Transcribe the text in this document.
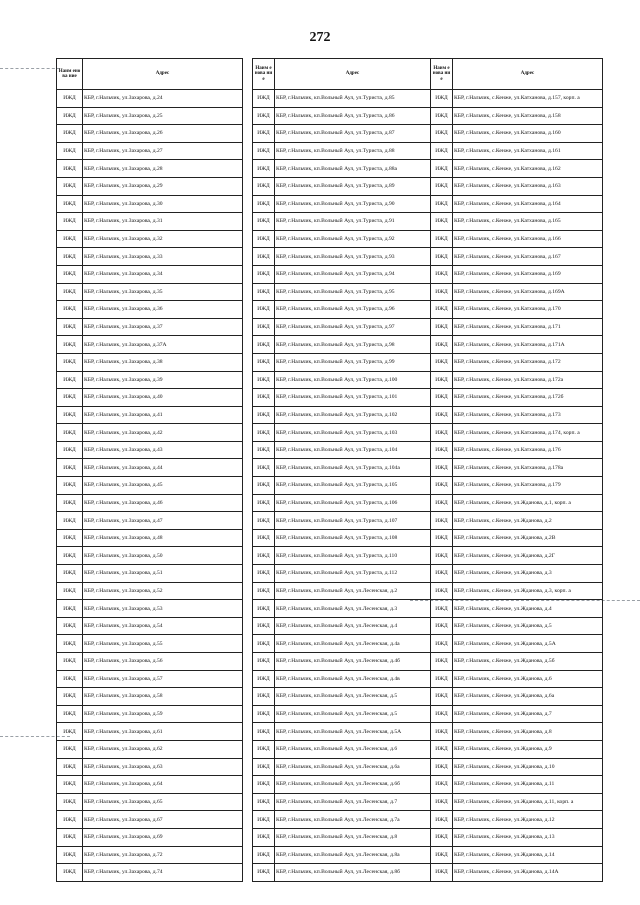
272
Наим енова ние	Адрес
ИЖД	КБР, г.Нальчик, ул.Захарова, д.24
ИЖД	КБР, г.Нальчик, ул.Захарова, д.25
ИЖД	КБР, г.Нальчик, ул.Захарова, д.26
ИЖД	КБР, г.Нальчик, ул.Захарова, д.27
ИЖД	КБР, г.Нальчик, ул.Захарова, д.28
ИЖД	КБР, г.Нальчик, ул.Захарова, д.29
ИЖД	КБР, г.Нальчик, ул.Захарова, д.30
ИЖД	КБР, г.Нальчик, ул.Захарова, д.31
ИЖД	КБР, г.Нальчик, ул.Захарова, д.32
ИЖД	КБР, г.Нальчик, ул.Захарова, д.33
ИЖД	КБР, г.Нальчик, ул.Захарова, д.34
ИЖД	КБР, г.Нальчик, ул.Захарова, д.35
ИЖД	КБР, г.Нальчик, ул.Захарова, д.36
ИЖД	КБР, г.Нальчик, ул.Захарова, д.37
ИЖД	КБР, г.Нальчик, ул.Захарова, д.37А
ИЖД	КБР, г.Нальчик, ул.Захарова, д.38
ИЖД	КБР, г.Нальчик, ул.Захарова, д.39
ИЖД	КБР, г.Нальчик, ул.Захарова, д.40
ИЖД	КБР, г.Нальчик, ул.Захарова, д.41
ИЖД	КБР, г.Нальчик, ул.Захарова, д.42
ИЖД	КБР, г.Нальчик, ул.Захарова, д.43
ИЖД	КБР, г.Нальчик, ул.Захарова, д.44
ИЖД	КБР, г.Нальчик, ул.Захарова, д.45
ИЖД	КБР, г.Нальчик, ул.Захарова, д.46
ИЖД	КБР, г.Нальчик, ул.Захарова, д.47
ИЖД	КБР, г.Нальчик, ул.Захарова, д.48
ИЖД	КБР, г.Нальчик, ул.Захарова, д.50
ИЖД	КБР, г.Нальчик, ул.Захарова, д.51
ИЖД	КБР, г.Нальчик, ул.Захарова, д.52
ИЖД	КБР, г.Нальчик, ул.Захарова, д.53
ИЖД	КБР, г.Нальчик, ул.Захарова, д.54
ИЖД	КБР, г.Нальчик, ул.Захарова, д.55
ИЖД	КБР, г.Нальчик, ул.Захарова, д.56
ИЖД	КБР, г.Нальчик, ул.Захарова, д.57
ИЖД	КБР, г.Нальчик, ул.Захарова, д.58
ИЖД	КБР, г.Нальчик, ул.Захарова, д.59
ИЖД	КБР, г.Нальчик, ул.Захарова, д.61
ИЖД	КБР, г.Нальчик, ул.Захарова, д.62
ИЖД	КБР, г.Нальчик, ул.Захарова, д.63
ИЖД	КБР, г.Нальчик, ул.Захарова, д.64
ИЖД	КБР, г.Нальчик, ул.Захарова, д.65
ИЖД	КБР, г.Нальчик, ул.Захарова, д.67
ИЖД	КБР, г.Нальчик, ул.Захарова, д.69
ИЖД	КБР, г.Нальчик, ул.Захарова, д.72
ИЖД	КБР, г.Нальчик, ул.Захарова, д.74
Наим енова ние	Адрес
ИЖД	КБР, г.Нальчик, кп.Вольный Аул, ул.Туриста, д.85
ИЖД	КБР, г.Нальчик, кп.Вольный Аул, ул.Туриста, д.86
ИЖД	КБР, г.Нальчик, кп.Вольный Аул, ул.Туриста, д.87
ИЖД	КБР, г.Нальчик, кп.Вольный Аул, ул.Туриста, д.88
ИЖД	КБР, г.Нальчик, кп.Вольный Аул, ул.Туриста, д.88а
ИЖД	КБР, г.Нальчик, кп.Вольный Аул, ул.Туриста, д.89
ИЖД	КБР, г.Нальчик, кп.Вольный Аул, ул.Туриста, д.90
ИЖД	КБР, г.Нальчик, кп.Вольный Аул, ул.Туриста, д.91
ИЖД	КБР, г.Нальчик, кп.Вольный Аул, ул.Туриста, д.92
ИЖД	КБР, г.Нальчик, кп.Вольный Аул, ул.Туриста, д.93
ИЖД	КБР, г.Нальчик, кп.Вольный Аул, ул.Туриста, д.94
ИЖД	КБР, г.Нальчик, кп.Вольный Аул, ул.Туриста, д.95
ИЖД	КБР, г.Нальчик, кп.Вольный Аул, ул.Туриста, д.96
ИЖД	КБР, г.Нальчик, кп.Вольный Аул, ул.Туриста, д.97
ИЖД	КБР, г.Нальчик, кп.Вольный Аул, ул.Туриста, д.98
ИЖД	КБР, г.Нальчик, кп.Вольный Аул, ул.Туриста, д.99
ИЖД	КБР, г.Нальчик, кп.Вольный Аул, ул.Туриста, д.100
ИЖД	КБР, г.Нальчик, кп.Вольный Аул, ул.Туриста, д.101
ИЖД	КБР, г.Нальчик, кп.Вольный Аул, ул.Туриста, д.102
ИЖД	КБР, г.Нальчик, кп.Вольный Аул, ул.Туриста, д.103
ИЖД	КБР, г.Нальчик, кп.Вольный Аул, ул.Туриста, д.104
ИЖД	КБР, г.Нальчик, кп.Вольный Аул, ул.Туриста, д.104а
ИЖД	КБР, г.Нальчик, кп.Вольный Аул, ул.Туриста, д.105
ИЖД	КБР, г.Нальчик, кп.Вольный Аул, ул.Туриста, д.106
ИЖД	КБР, г.Нальчик, кп.Вольный Аул, ул.Туриста, д.107
ИЖД	КБР, г.Нальчик, кп.Вольный Аул, ул.Туриста, д.108
ИЖД	КБР, г.Нальчик, кп.Вольный Аул, ул.Туриста, д.110
ИЖД	КБР, г.Нальчик, кп.Вольный Аул, ул.Туриста, д.112
ИЖД	КБР, г.Нальчик, кп.Вольный Аул, ул.Лесенская, д.2
ИЖД	КБР, г.Нальчик, кп.Вольный Аул, ул.Лесенская, д.3
ИЖД	КБР, г.Нальчик, кп.Вольный Аул, ул.Лесенская, д.4
ИЖД	КБР, г.Нальчик, кп.Вольный Аул, ул.Лесенская, д.4а
ИЖД	КБР, г.Нальчик, кп.Вольный Аул, ул.Лесенская, д.4б
ИЖД	КБР, г.Нальчик, кп.Вольный Аул, ул.Лесенская, д.4в
ИЖД	КБР, г.Нальчик, кп.Вольный Аул, ул.Лесенская, д.5
ИЖД	КБР, г.Нальчик, кп.Вольный Аул, ул.Лесенская, д.5
ИЖД	КБР, г.Нальчик, кп.Вольный Аул, ул.Лесенская, д.5А
ИЖД	КБР, г.Нальчик, кп.Вольный Аул, ул.Лесенская, д.6
ИЖД	КБР, г.Нальчик, кп.Вольный Аул, ул.Лесенская, д.6а
ИЖД	КБР, г.Нальчик, кп.Вольный Аул, ул.Лесенская, д.6б
ИЖД	КБР, г.Нальчик, кп.Вольный Аул, ул.Лесенская, д.7
ИЖД	КБР, г.Нальчик, кп.Вольный Аул, ул.Лесенская, д.7а
ИЖД	КБР, г.Нальчик, кп.Вольный Аул, ул.Лесенская, д.8
ИЖД	КБР, г.Нальчик, кп.Вольный Аул, ул.Лесенская, д.8а
ИЖД	КБР, г.Нальчик, кп.Вольный Аул, ул.Лесенская, д.8б
Наим енова ние	Адрес
ИЖД	КБР, г.Нальчик, с.Кенже, ул.Катханова, д.157, корп. а
ИЖД	КБР, г.Нальчик, с.Кенже, ул.Катханова, д.158
ИЖД	КБР, г.Нальчик, с.Кенже, ул.Катханова, д.160
ИЖД	КБР, г.Нальчик, с.Кенже, ул.Катханова, д.161
ИЖД	КБР, г.Нальчик, с.Кенже, ул.Катханова, д.162
ИЖД	КБР, г.Нальчик, с.Кенже, ул.Катханова, д.163
ИЖД	КБР, г.Нальчик, с.Кенже, ул.Катханова, д.164
ИЖД	КБР, г.Нальчик, с.Кенже, ул.Катханова, д.165
ИЖД	КБР, г.Нальчик, с.Кенже, ул.Катханова, д.166
ИЖД	КБР, г.Нальчик, с.Кенже, ул.Катханова, д.167
ИЖД	КБР, г.Нальчик, с.Кенже, ул.Катханова, д.169
ИЖД	КБР, г.Нальчик, с.Кенже, ул.Катханова, д.169А
ИЖД	КБР, г.Нальчик, с.Кенже, ул.Катханова, д.170
ИЖД	КБР, г.Нальчик, с.Кенже, ул.Катханова, д.171
ИЖД	КБР, г.Нальчик, с.Кенже, ул.Катханова, д.171А
ИЖД	КБР, г.Нальчик, с.Кенже, ул.Катханова, д.172
ИЖД	КБР, г.Нальчик, с.Кенже, ул.Катханова, д.172а
ИЖД	КБР, г.Нальчик, с.Кенже, ул.Катханова, д.172б
ИЖД	КБР, г.Нальчик, с.Кенже, ул.Катханова, д.173
ИЖД	КБР, г.Нальчик, с.Кенже, ул.Катханова, д.174, корп. а
ИЖД	КБР, г.Нальчик, с.Кенже, ул.Катханова, д.176
ИЖД	КБР, г.Нальчик, с.Кенже, ул.Катханова, д.178а
ИЖД	КБР, г.Нальчик, с.Кенже, ул.Катханова, д.179
ИЖД	КБР, г.Нальчик, с.Кенже, ул.Жданова, д.1, корп. а
ИЖД	КБР, г.Нальчик, с.Кенже, ул.Жданова, д.2
ИЖД	КБР, г.Нальчик, с.Кенже, ул.Жданова, д.2В
ИЖД	КБР, г.Нальчик, с.Кенже, ул.Жданова, д.2Г
ИЖД	КБР, г.Нальчик, с.Кенже, ул.Жданова, д.3
ИЖД	КБР, г.Нальчик, с.Кенже, ул.Жданова, д.3, корп. а
ИЖД	КБР, г.Нальчик, с.Кенже, ул.Жданова, д.4
ИЖД	КБР, г.Нальчик, с.Кенже, ул.Жданова, д.5
ИЖД	КБР, г.Нальчик, с.Кенже, ул.Жданова, д.5А
ИЖД	КБР, г.Нальчик, с.Кенже, ул.Жданова, д.5б
ИЖД	КБР, г.Нальчик, с.Кенже, ул.Жданова, д.6
ИЖД	КБР, г.Нальчик, с.Кенже, ул.Жданова, д.6а
ИЖД	КБР, г.Нальчик, с.Кенже, ул.Жданова, д.7
ИЖД	КБР, г.Нальчик, с.Кенже, ул.Жданова, д.8
ИЖД	КБР, г.Нальчик, с.Кенже, ул.Жданова, д.9
ИЖД	КБР, г.Нальчик, с.Кенже, ул.Жданова, д.10
ИЖД	КБР, г.Нальчик, с.Кенже, ул.Жданова, д.11
ИЖД	КБР, г.Нальчик, с.Кенже, ул.Жданова, д.11, корп. а
ИЖД	КБР, г.Нальчик, с.Кенже, ул.Жданова, д.12
ИЖД	КБР, г.Нальчик, с.Кенже, ул.Жданова, д.13
ИЖД	КБР, г.Нальчик, с.Кенже, ул.Жданова, д.14
ИЖД	КБР, г.Нальчик, с.Кенже, ул.Жданова, д.14А
